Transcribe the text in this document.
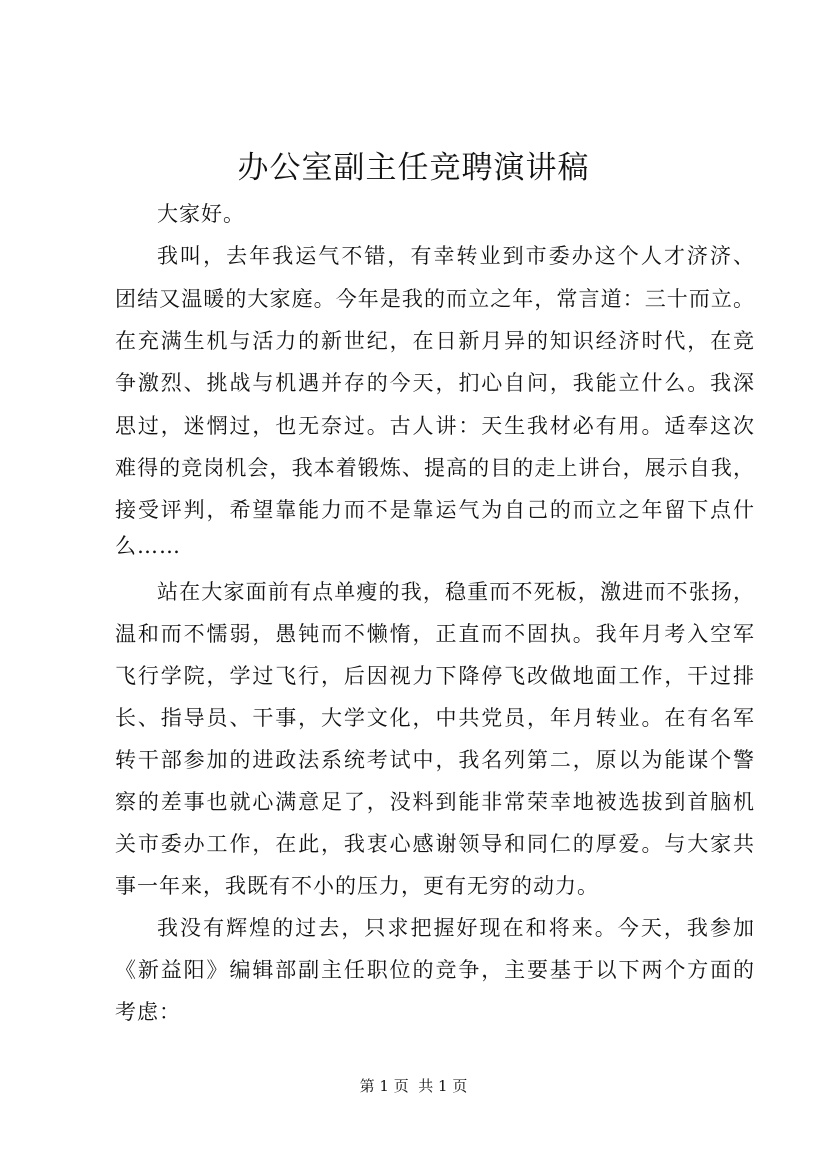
办公室副主任竞聘演讲稿
大家好。
我叫，去年我运气不错，有幸转业到市委办这个人才济济、
团结又温暖的大家庭。今年是我的而立之年，常言道：三十而立。
在充满生机与活力的新世纪，在日新月异的知识经济时代，在竞
争激烈、挑战与机遇并存的今天，扪心自问，我能立什么。我深
思过，迷惘过，也无奈过。古人讲：天生我材必有用。适奉这次
难得的竞岗机会，我本着锻炼、提高的目的走上讲台，展示自我，
接受评判，希望靠能力而不是靠运气为自己的而立之年留下点什
么……
站在大家面前有点单瘦的我，稳重而不死板，激进而不张扬，
温和而不懦弱，愚钝而不懒惰，正直而不固执。我年月考入空军
飞行学院，学过飞行，后因视力下降停飞改做地面工作，干过排
长、指导员、干事，大学文化，中共党员，年月转业。在有名军
转干部参加的进政法系统考试中，我名列第二，原以为能谋个警
察的差事也就心满意足了，没料到能非常荣幸地被选拔到首脑机
关市委办工作，在此，我衷心感谢领导和同仁的厚爱。与大家共
事一年来，我既有不小的压力，更有无穷的动力。
我没有辉煌的过去，只求把握好现在和将来。今天，我参加
《新益阳》编辑部副主任职位的竞争，主要基于以下两个方面的
考虑：
第 1 页  共 1 页
